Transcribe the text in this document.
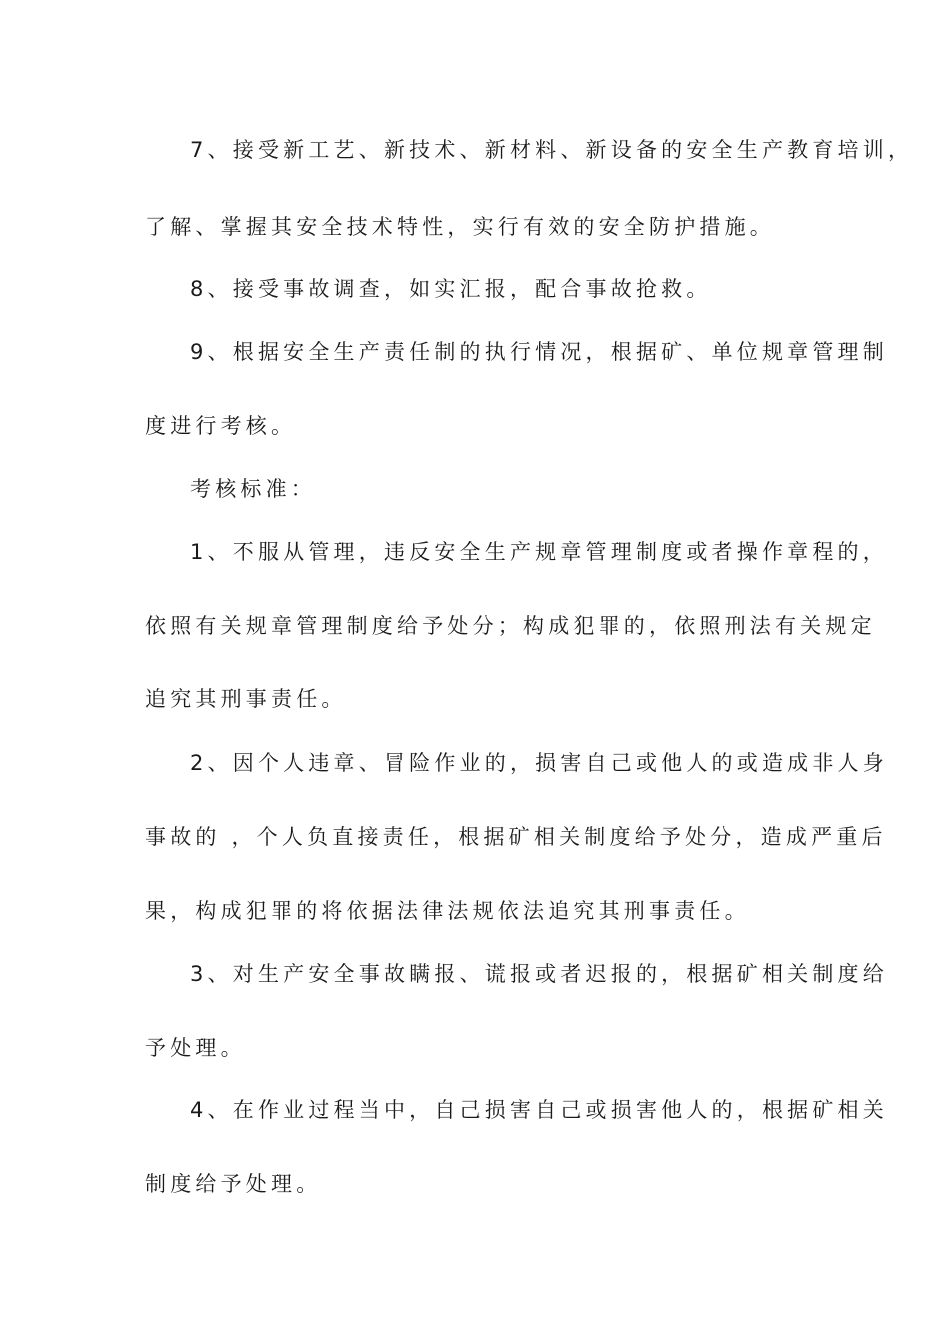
7、接受新工艺、新技术、新材料、新设备的安全生产教育培训，
了解、掌握其安全技术特性，实行有效的安全防护措施。
8、接受事故调查，如实汇报，配合事故抢救。
9、根据安全生产责任制的执行情况，根据矿、单位规章管理制
度进行考核。
考核标准：
1、不服从管理，违反安全生产规章管理制度或者操作章程的，
依照有关规章管理制度给予处分；构成犯罪的，依照刑法有关规定
追究其刑事责任。
2、因个人违章、冒险作业的，损害自己或他人的或造成非人身
事故的 ，个人负直接责任，根据矿相关制度给予处分，造成严重后
果，构成犯罪的将依据法律法规依法追究其刑事责任。
3、对生产安全事故瞒报、谎报或者迟报的，根据矿相关制度给
予处理。
4、在作业过程当中，自己损害自己或损害他人的，根据矿相关
制度给予处理。
